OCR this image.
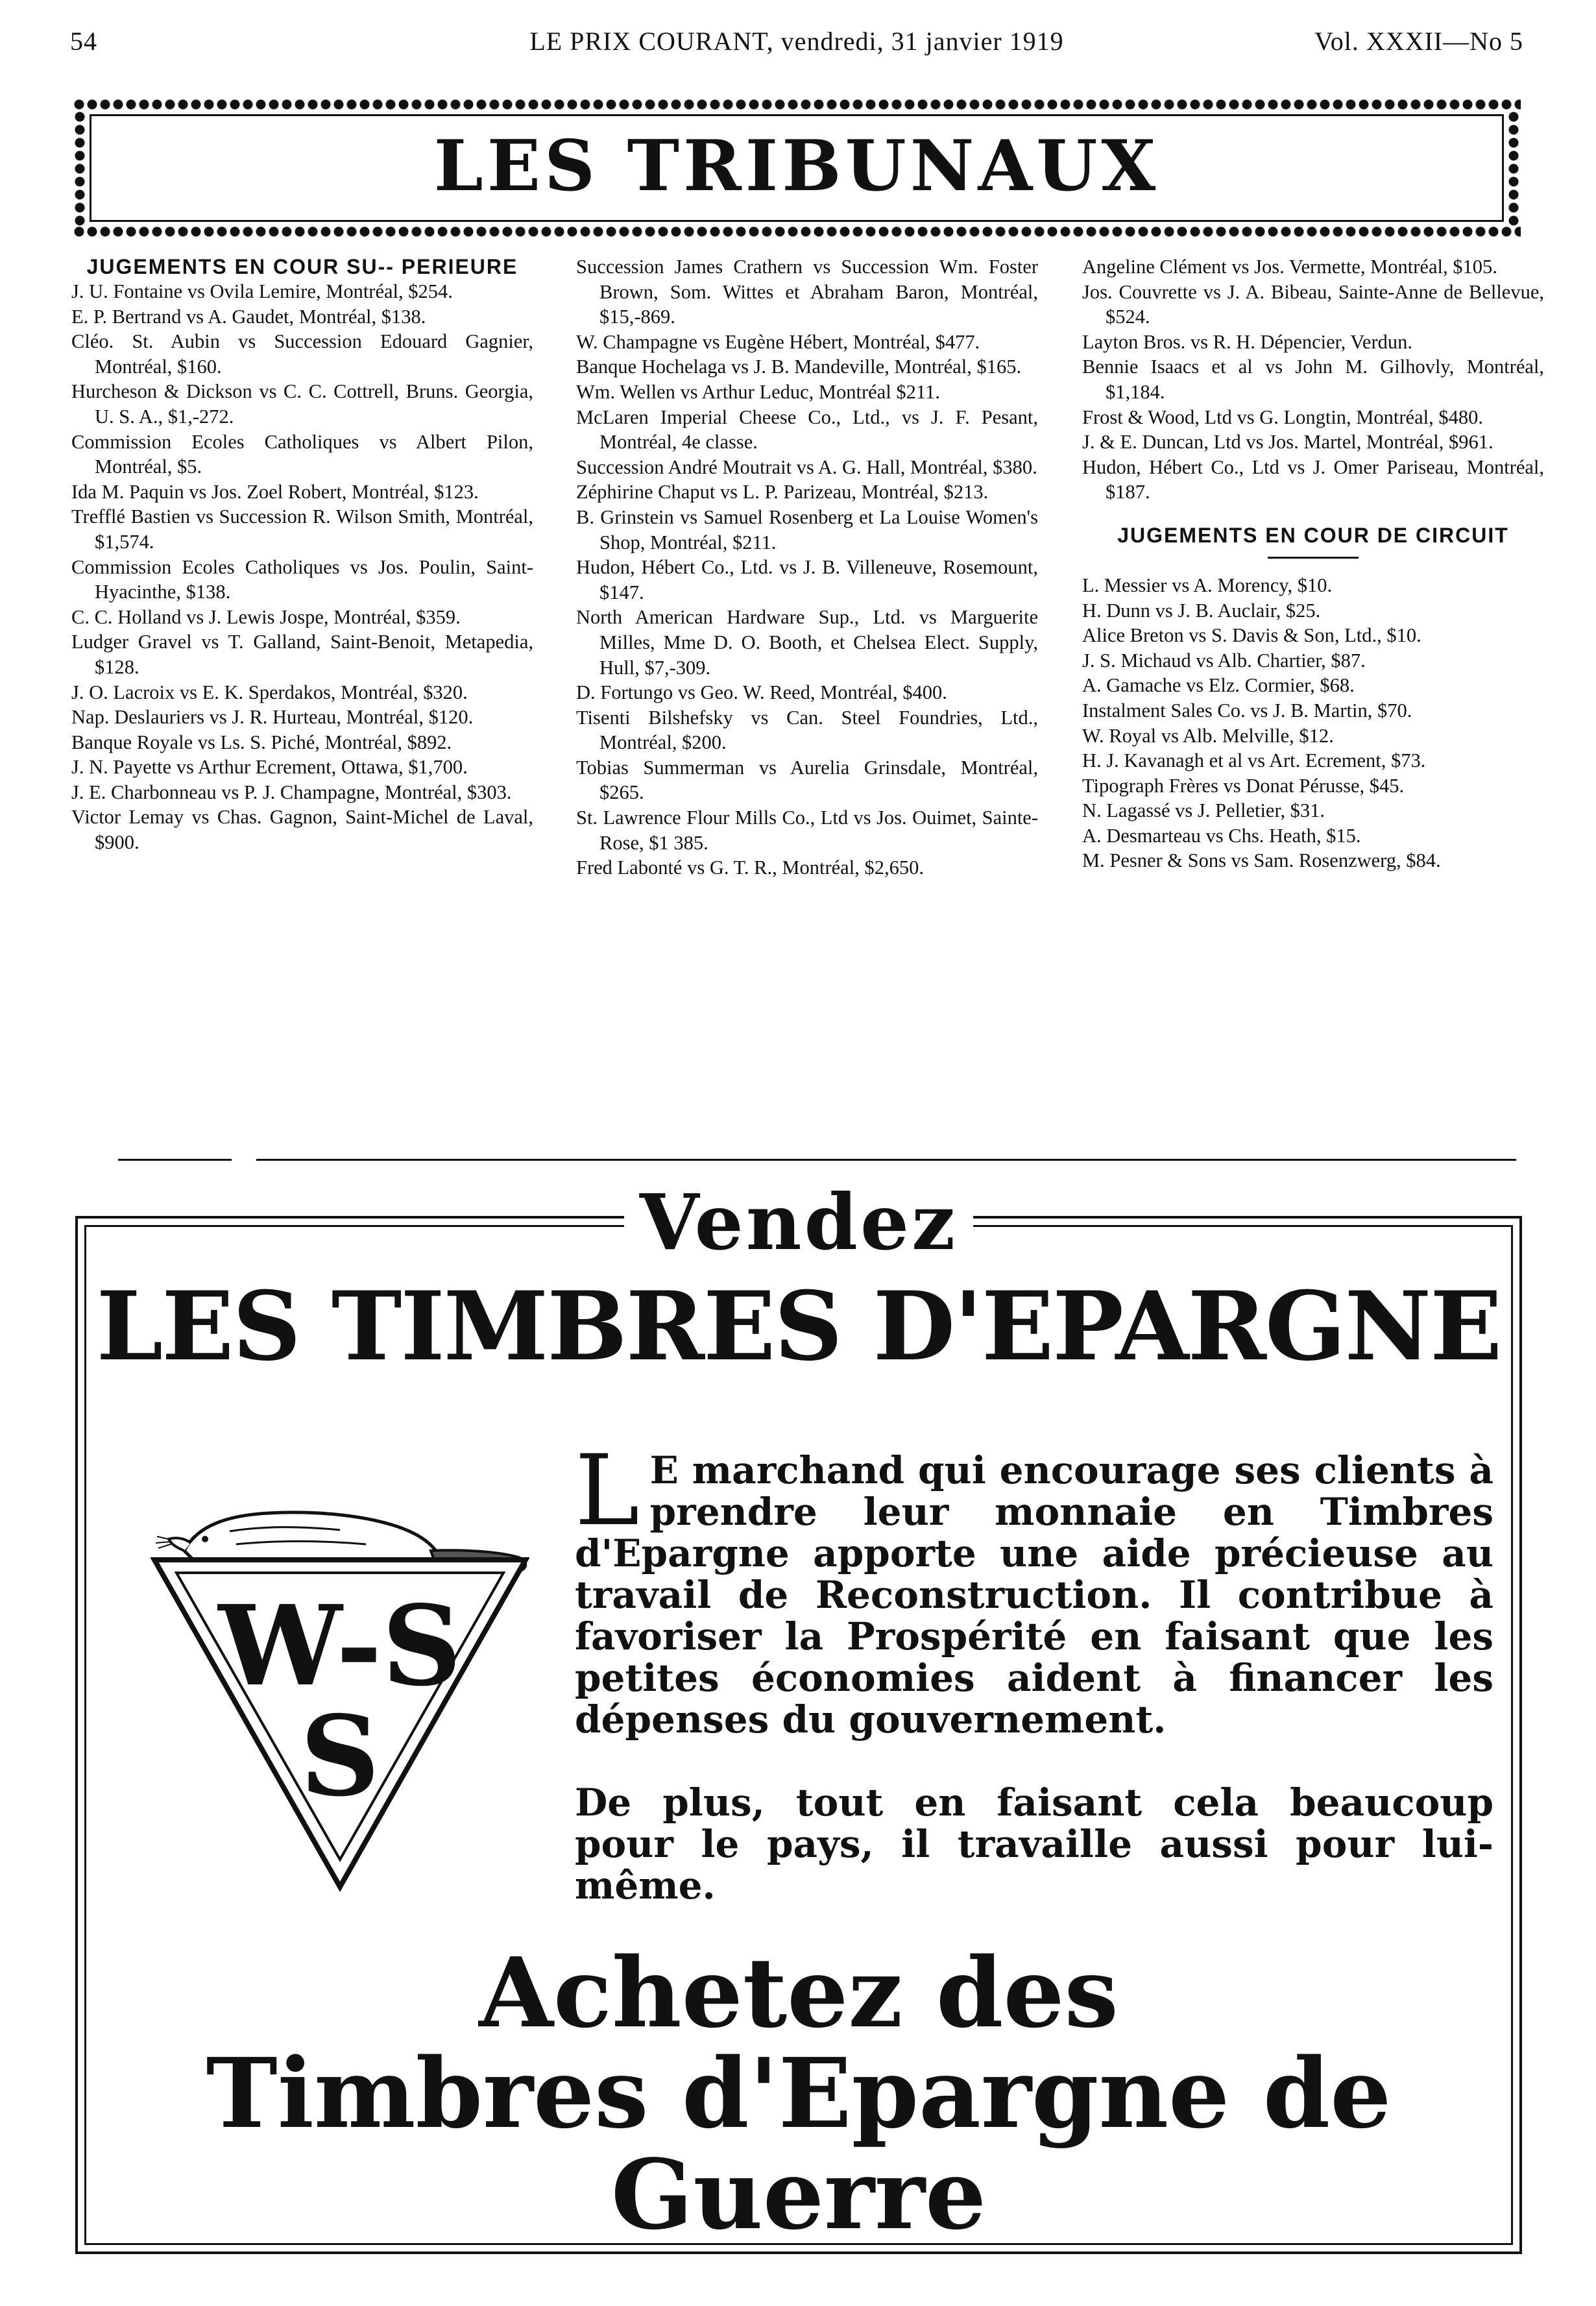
54	LE PRIX COURANT, vendredi, 31 janvier 1919	Vol. XXXII—No 5
LES TRIBUNAUX
JUGEMENTS EN COUR SU-- PERIEURE
J. U. Fontaine vs Ovila Lemire, Montréal, $254.
E. P. Bertrand vs A. Gaudet, Montréal, $138.
Cléo. St. Aubin vs Succession Edouard Gagnier, Montréal, $160.
Hurcheson & Dickson vs C. C. Cottrell, Bruns. Georgia, U. S. A., $1,-272.
Commission Ecoles Catholiques vs Albert Pilon, Montréal, $5.
Ida M. Paquin vs Jos. Zoel Robert, Montréal, $123.
Trefflé Bastien vs Succession R. Wilson Smith, Montréal, $1,574.
Commission Ecoles Catholiques vs Jos. Poulin, Saint-Hyacinthe, $138.
C. C. Holland vs J. Lewis Jospe, Montréal, $359.
Ludger Gravel vs T. Galland, Saint-Benoit, Metapedia, $128.
J. O. Lacroix vs E. K. Sperdakos, Montréal, $320.
Nap. Deslauriers vs J. R. Hurteau, Montréal, $120.
Banque Royale vs Ls. S. Piché, Montréal, $892.
J. N. Payette vs Arthur Ecrement, Ottawa, $1,700.
J. E. Charbonneau vs P. J. Champagne, Montréal, $303.
Victor Lemay vs Chas. Gagnon, Saint-Michel de Laval, $900.
Succession James Crathern vs Succession Wm. Foster Brown, Som. Wittes et Abraham Baron, Montréal, $15,-869.
W. Champagne vs Eugène Hébert, Montréal, $477.
Banque Hochelaga vs J. B. Mandeville, Montréal, $165.
Wm. Wellen vs Arthur Leduc, Montréal $211.
McLaren Imperial Cheese Co., Ltd., vs J. F. Pesant, Montréal, 4e classe.
Succession André Moutrait vs A. G. Hall, Montréal, $380.
Zéphirine Chaput vs L. P. Parizeau, Montréal, $213.
B. Grinstein vs Samuel Rosenberg et La Louise Women's Shop, Montréal, $211.
Hudon, Hébert Co., Ltd. vs J. B. Villeneuve, Rosemount, $147.
North American Hardware Sup., Ltd. vs Marguerite Milles, Mme D. O. Booth, et Chelsea Elect. Supply, Hull, $7,-309.
D. Fortungo vs Geo. W. Reed, Montréal, $400.
Tisenti Bilshefsky vs Can. Steel Foundries, Ltd., Montréal, $200.
Tobias Summerman vs Aurelia Grinsdale, Montréal, $265.
St. Lawrence Flour Mills Co., Ltd vs Jos. Ouimet, Sainte-Rose, $1 385.
Fred Labonté vs G. T. R., Montréal, $2,650.
Angeline Clément vs Jos. Vermette, Montréal, $105.
Jos. Couvrette vs J. A. Bibeau, Sainte-Anne de Bellevue, $524.
Layton Bros. vs R. H. Dépencier, Verdun.
Bennie Isaacs et al vs John M. Gilhovly, Montréal, $1,184.
Frost & Wood, Ltd vs G. Longtin, Montréal, $480.
J. & E. Duncan, Ltd vs Jos. Martel, Montréal, $961.
Hudon, Hébert Co., Ltd vs J. Omer Pariseau, Montréal, $187.
JUGEMENTS EN COUR DE CIRCUIT
L. Messier vs A. Morency, $10.
H. Dunn vs J. B. Auclair, $25.
Alice Breton vs S. Davis & Son, Ltd., $10.
J. S. Michaud vs Alb. Chartier, $87.
A. Gamache vs Elz. Cormier, $68.
Instalment Sales Co. vs J. B. Martin, $70.
W. Royal vs Alb. Melville, $12.
H. J. Kavanagh et al vs Art. Ecrement, $73.
Tipograph Frères vs Donat Pérusse, $45.
N. Lagassé vs J. Pelletier, $31.
A. Desmarteau vs Chs. Heath, $15.
M. Pesner & Sons vs Sam. Rosenzwerg, $84.
Vendez
LES TIMBRES D'EPARGNE
W-S
S

L E marchand qui encourage ses clients à prendre leur monnaie en Timbres d'Epargne apporte une aide précieuse au travail de Reconstruction. Il contribue à favoriser la Prospérité en faisant que les petites économies aident à financer les dépenses du gouvernement.

De plus, tout en faisant cela beaucoup pour le pays, il travaille aussi pour lui-même.

Achetez des
Timbres d'Epargne de Guerre
